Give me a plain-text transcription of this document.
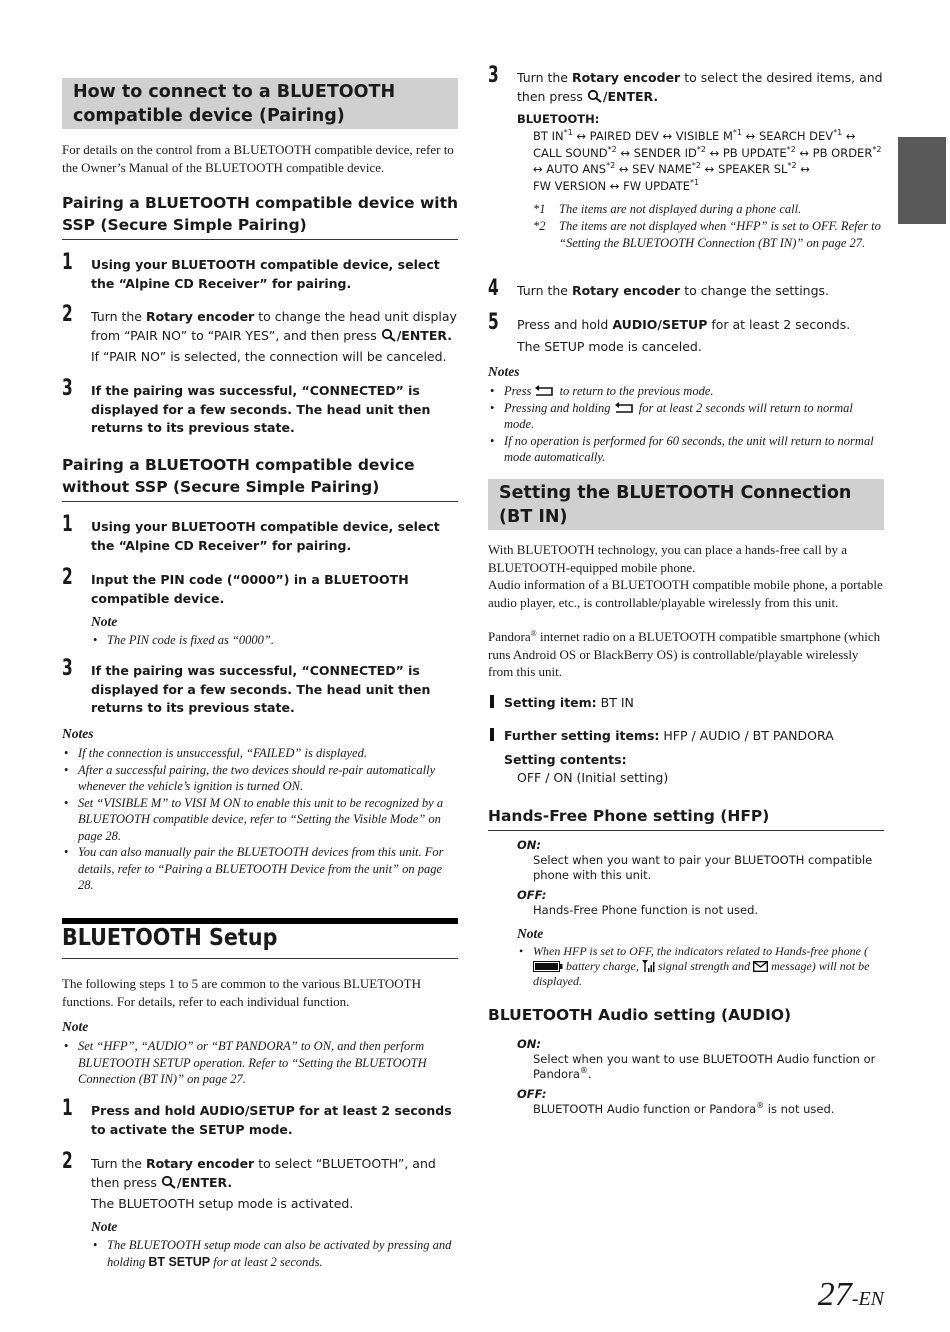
How to connect to a BLUETOOTH compatible device (Pairing)
For details on the control from a BLUETOOTH compatible device, refer to the Owner’s Manual of the BLUETOOTH compatible device.
Pairing a BLUETOOTH compatible device with SSP (Secure Simple Pairing)
1 Using your BLUETOOTH compatible device, select the “Alpine CD Receiver” for pairing.
2 Turn the Rotary encoder to change the head unit display from “PAIR NO” to “PAIR YES”, and then press /ENTER.
If “PAIR NO” is selected, the connection will be canceled.
3 If the pairing was successful, “CONNECTED” is displayed for a few seconds. The head unit then returns to its previous state.
Pairing a BLUETOOTH compatible device without SSP (Secure Simple Pairing)
1 Using your BLUETOOTH compatible device, select the “Alpine CD Receiver” for pairing.
2 Input the PIN code (“0000”) in a BLUETOOTH compatible device.
Note
• The PIN code is fixed as “0000”.
3 If the pairing was successful, “CONNECTED” is displayed for a few seconds. The head unit then returns to its previous state.
Notes
• If the connection is unsuccessful, “FAILED” is displayed.
• After a successful pairing, the two devices should re-pair automatically whenever the vehicle’s ignition is turned ON.
• Set “VISIBLE M” to VISI M ON to enable this unit to be recognized by a BLUETOOTH compatible device, refer to “Setting the Visible Mode” on page 28.
• You can also manually pair the BLUETOOTH devices from this unit. For details, refer to “Pairing a BLUETOOTH Device from the unit” on page 28.
BLUETOOTH Setup
The following steps 1 to 5 are common to the various BLUETOOTH functions. For details, refer to each individual function.
Note
• Set “HFP”, “AUDIO” or “BT PANDORA” to ON, and then perform BLUETOOTH SETUP operation. Refer to “Setting the BLUETOOTH Connection (BT IN)” on page 27.
1 Press and hold AUDIO/SETUP for at least 2 seconds to activate the SETUP mode.
2 Turn the Rotary encoder to select “BLUETOOTH”, and then press /ENTER.
The BLUETOOTH setup mode is activated.
Note
• The BLUETOOTH setup mode can also be activated by pressing and holding BT SETUP for at least 2 seconds.
3 Turn the Rotary encoder to select the desired items, and then press /ENTER.
BLUETOOTH:
BT IN$^{*1}$ ↔ PAIRED DEV ↔ VISIBLE $M^{*1}$ ↔ SEARCH DEV$^{*1}$ ↔ CALL SOUND$^{*2}$ ↔ SENDER ID$^{*2}$ ↔ PB UPDATE$^{*2}$ ↔ PB ORDER$^{*2}$ ↔ AUTO ANS$^{*2}$ ↔ SEV NAME$^{*2}$ ↔ SPEAKER SL$^{*2}$ ↔ FW VERSION ↔ FW UPDATE$^{*1}$
*1 The items are not displayed during a phone call.
*2 The items are not displayed when “HFP” is set to OFF. Refer to “Setting the BLUETOOTH Connection (BT IN)” on page 27.
4 Turn the Rotary encoder to change the settings.
5 Press and hold AUDIO/SETUP for at least 2 seconds.
The SETUP mode is canceled.
Notes
• Press  to return to the previous mode.
• Pressing and holding  for at least 2 seconds will return to normal mode.
• If no operation is performed for 60 seconds, the unit will return to normal mode automatically.
Setting the BLUETOOTH Connection (BT IN)
With BLUETOOTH technology, you can place a hands-free call by a BLUETOOTH-equipped mobile phone.
Audio information of a BLUETOOTH compatible mobile phone, a portable audio player, etc., is controllable/playable wirelessly from this unit.
Pandora® internet radio on a BLUETOOTH compatible smartphone (which runs Android OS or BlackBerry OS) is controllable/playable wirelessly from this unit.
Setting item: BT IN
Further setting items: HFP / AUDIO / BT PANDORA
Setting contents:
OFF / ON (Initial setting)
Hands-Free Phone setting (HFP)
ON:
Select when you want to pair your BLUETOOTH compatible phone with this unit.
OFF:
Hands-Free Phone function is not used.
Note
• When HFP is set to OFF, the indicators related to Hands-free phone ( battery charge,  signal strength and  message) will not be displayed.
BLUETOOTH Audio setting (AUDIO)
ON:
Select when you want to use BLUETOOTH Audio function or Pandora®.
OFF:
BLUETOOTH Audio function or Pandora® is not used.
27-EN
